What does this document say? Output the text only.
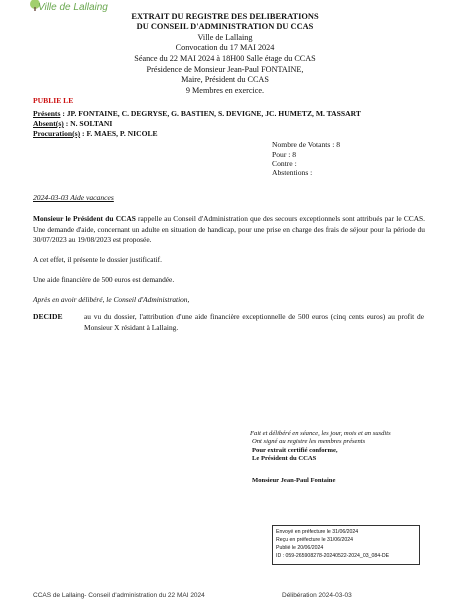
Ville de Lallaing
EXTRAIT DU REGISTRE DES DELIBERATIONS
DU CONSEIL D'ADMINISTRATION DU CCAS
Ville de Lallaing
Convocation du 17 MAI 2024
Séance du 22 MAI 2024 à 18H00 Salle étage du CCAS
Présidence de Monsieur Jean-Paul FONTAINE,
Maire, Président du CCAS
9 Membres en exercice.
PUBLIE LE
Présents : JP. FONTAINE, C. DEGRYSE, G. BASTIEN, S. DEVIGNE, JC. HUMETZ, M. TASSART
Absent(s) : N. SOLTANI
Procuration(s) : F. MAES, P. NICOLE
Nombre de Votants : 8
Pour : 8
Contre :
Abstentions :
2024-03-03 Aide vacances
Monsieur le Président du CCAS rappelle au Conseil d'Administration que des secours exceptionnels sont attribués par le CCAS. Une demande d'aide, concernant un adulte en situation de handicap, pour une prise en charge des frais de séjour pour la période du 30/07/2023 au 19/08/2023 est proposée.
A cet effet, il présente le dossier justificatif.
Une aide financière de 500 euros est demandée.
Après en avoir délibéré, le Conseil d'Administration,
DECIDE	au vu du dossier, l'attribution d'une aide financière exceptionnelle de 500 euros (cinq cents euros) au profit de Monsieur X résidant à Lallaing.
Fait et délibéré en séance, les jour, mois et an susdits
Ont signé au registre les membres présents
Pour extrait certifié conforme,
Le Président du CCAS
Monsieur Jean-Paul Fontaine
Envoyé en préfecture le 31/06/2024
Reçu en préfecture le 31/06/2024
Publié le 20/06/2024
ID : 059-265908278-20240522-2024_03_084-DE
CCAS de Lallaing- Conseil d'administration du 22 MAI 2024	Délibération 2024-03-03
